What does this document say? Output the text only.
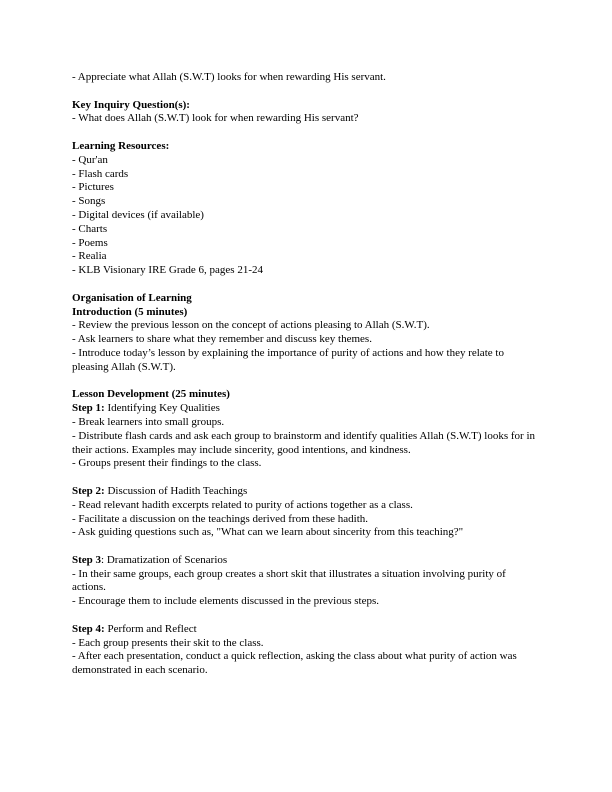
- Appreciate what Allah (S.W.T) looks for when rewarding His servant.
Key Inquiry Question(s):
- What does Allah (S.W.T) look for when rewarding His servant?
Learning Resources:
- Qur'an
- Flash cards
- Pictures
- Songs
- Digital devices (if available)
- Charts
- Poems
- Realia
- KLB Visionary IRE Grade 6, pages 21-24
Organisation of Learning
Introduction (5 minutes)
- Review the previous lesson on the concept of actions pleasing to Allah (S.W.T).
- Ask learners to share what they remember and discuss key themes.
- Introduce today’s lesson by explaining the importance of purity of actions and how they relate to pleasing Allah (S.W.T).
Lesson Development (25 minutes)
Step 1: Identifying Key Qualities
- Break learners into small groups.
- Distribute flash cards and ask each group to brainstorm and identify qualities Allah (S.W.T) looks for in their actions. Examples may include sincerity, good intentions, and kindness.
- Groups present their findings to the class.
Step 2: Discussion of Hadith Teachings
- Read relevant hadith excerpts related to purity of actions together as a class.
- Facilitate a discussion on the teachings derived from these hadith.
- Ask guiding questions such as, "What can we learn about sincerity from this teaching?"
Step 3: Dramatization of Scenarios
- In their same groups, each group creates a short skit that illustrates a situation involving purity of actions.
- Encourage them to include elements discussed in the previous steps.
Step 4: Perform and Reflect
- Each group presents their skit to the class.
- After each presentation, conduct a quick reflection, asking the class about what purity of action was demonstrated in each scenario.
